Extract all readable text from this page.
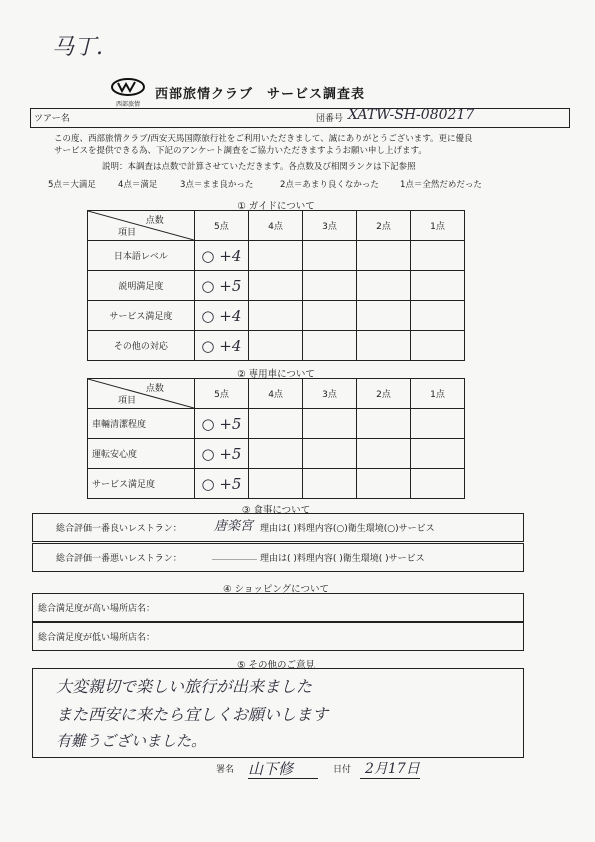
马丁.
西部旅情
西部旅情クラブ　サービス調査表
ツアー名	団番号 XATW-SH-080217
この度、西部旅情クラブ/西安天馬国際旅行社をご利用いただきまして、誠にありがとうございます。更に優良
サービスを提供できる為、下記のアンケート調査をご協力いただきますようお願い申し上げます。
説明：本調査は点数で計算させていただきます。各点数及び相関ランクは下記参照
5点＝大満足	4点＝満足	3点＝まま良かった	2点＝あまり良くなかった 1点＝全然だめだった
① ガイドについて
点数
項目	5点	4点	3点	2点	1点
日本語レベル	○ +4				
説明満足度	○ +5				
サービス満足度	○ +4				
その他の対応	○ +4				
② 専用車について
点数
項目	5点	4点	3点	2点	1点
車輛清潔程度	○ +5				
運転安心度	○ +5				
サービス満足度	○ +5				
③ 食事について
総合評価一番良いレストラン： 唐楽宮 理由は( )料理内容(○)衛生環境(○)サービス
総合評価一番悪いレストラン：	＿＿＿＿＿ 理由は( )料理内容( )衛生環境( )サービス
④ ショッピングについて
総合満足度が高い場所店名：
総合満足度が低い場所店名：
⑤ その他のご意見
大変親切で楽しい旅行が出来ました
また西安に来たら宜しくお願いします
有難うございました。
署名 山下修	日付 2月17日
